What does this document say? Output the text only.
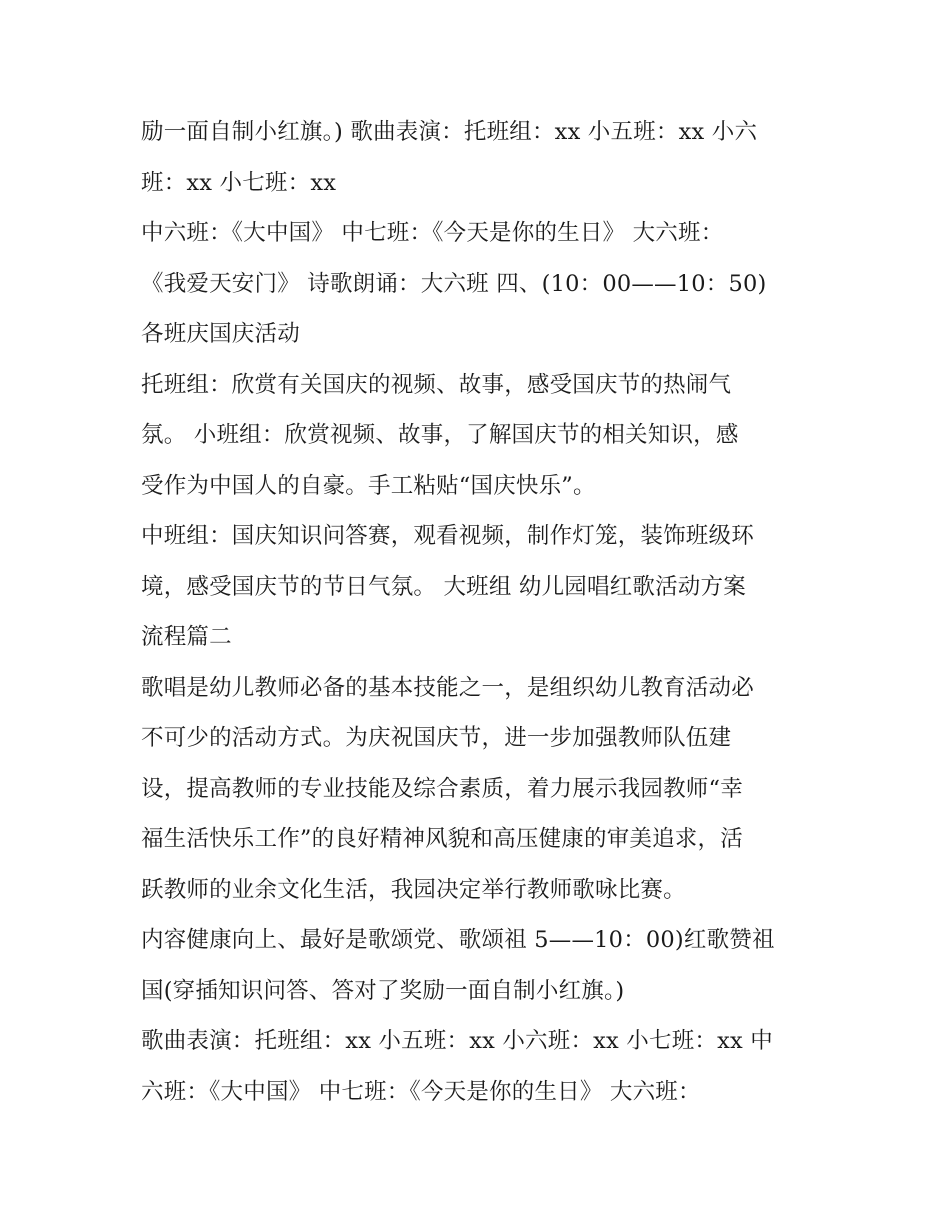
励一面自制小红旗。) 歌曲表演：托班组：xx 小五班：xx 小六
班：xx 小七班：xx
中六班：《大中国》 中七班：《今天是你的生日》 大六班：
《我爱天安门》 诗歌朗诵：大六班 四、(10：00——10：50)
各班庆国庆活动
托班组：欣赏有关国庆的视频、故事，感受国庆节的热闹气
氛。 小班组：欣赏视频、故事，了解国庆节的相关知识，感
受作为中国人的自豪。手工粘贴“国庆快乐”。
中班组：国庆知识问答赛，观看视频，制作灯笼，装饰班级环
境，感受国庆节的节日气氛。 大班组 幼儿园唱红歌活动方案
流程篇二
歌唱是幼儿教师必备的基本技能之一，是组织幼儿教育活动必
不可少的活动方式。为庆祝国庆节，进一步加强教师队伍建
设，提高教师的专业技能及综合素质，着力展示我园教师“幸
福生活快乐工作”的良好精神风貌和高压健康的审美追求，活
跃教师的业余文化生活，我园决定举行教师歌咏比赛。
内容健康向上、最好是歌颂党、歌颂祖 5——10：00)红歌赞祖
国(穿插知识问答、答对了奖励一面自制小红旗。)
歌曲表演：托班组：xx 小五班：xx 小六班：xx 小七班：xx 中
六班：《大中国》 中七班：《今天是你的生日》 大六班：
